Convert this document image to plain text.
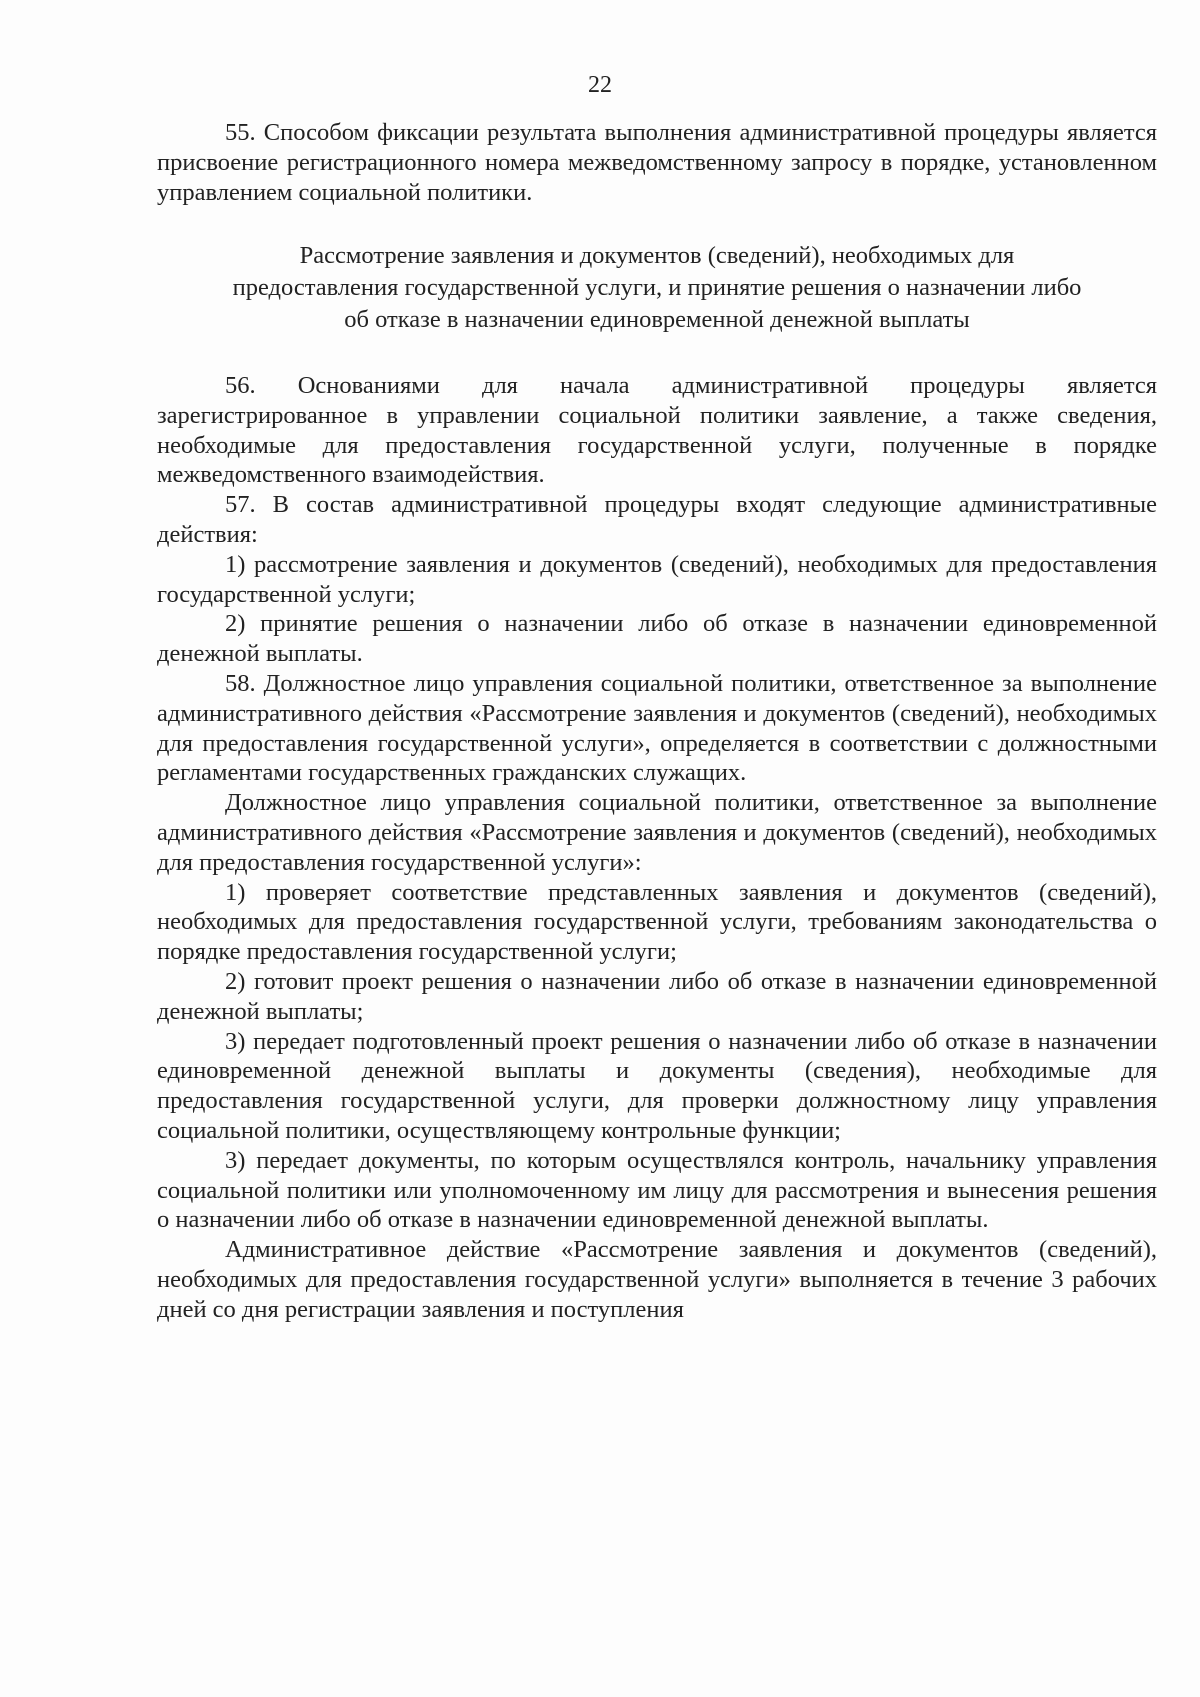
22

55. Способом фиксации результата выполнения административной процедуры является присвоение регистрационного номера межведомственному запросу в порядке, установленном управлением социальной политики.

Рассмотрение заявления и документов (сведений), необходимых для
предоставления государственной услуги, и принятие решения о назначении либо
об отказе в назначении единовременной денежной выплаты

56. Основаниями для начала административной процедуры является зарегистрированное в управлении социальной политики заявление, а также сведения, необходимые для предоставления государственной услуги, полученные в порядке межведомственного взаимодействия.

57. В состав административной процедуры входят следующие административные действия:

1) рассмотрение заявления и документов (сведений), необходимых для предоставления государственной услуги;

2) принятие решения о назначении либо об отказе в назначении единовременной денежной выплаты.

58. Должностное лицо управления социальной политики, ответственное за выполнение административного действия «Рассмотрение заявления и документов (сведений), необходимых для предоставления государственной услуги», определяется в соответствии с должностными регламентами государственных гражданских служащих.

Должностное лицо управления социальной политики, ответственное за выполнение административного действия «Рассмотрение заявления и документов (сведений), необходимых для предоставления государственной услуги»:

1) проверяет соответствие представленных заявления и документов (сведений), необходимых для предоставления государственной услуги, требованиям законодательства о порядке предоставления государственной услуги;

2) готовит проект решения о назначении либо об отказе в назначении единовременной денежной выплаты;

3) передает подготовленный проект решения о назначении либо об отказе в назначении единовременной денежной выплаты и документы (сведения), необходимые для предоставления государственной услуги, для проверки должностному лицу управления социальной политики, осуществляющему контрольные функции;

3) передает документы, по которым осуществлялся контроль, начальнику управления социальной политики или уполномоченному им лицу для рассмотрения и вынесения решения о назначении либо об отказе в назначении единовременной денежной выплаты.

Административное действие «Рассмотрение заявления и документов (сведений), необходимых для предоставления государственной услуги» выполняется в течение 3 рабочих дней со дня регистрации заявления и поступления
